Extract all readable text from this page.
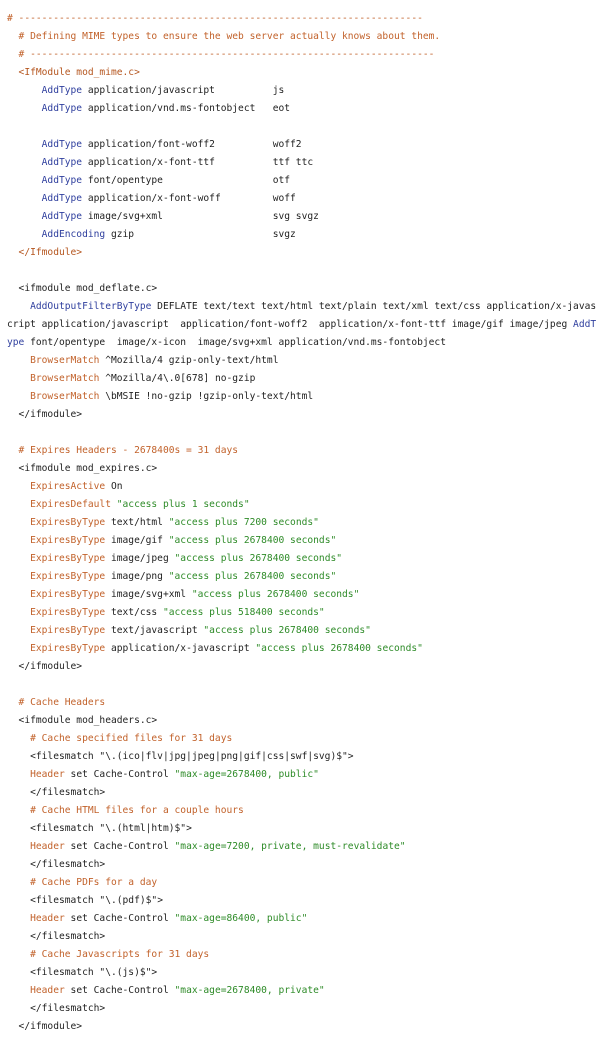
# ----------------------------------------------------------------------
# Defining MIME types to ensure the web server actually knows about them.
# ----------------------------------------------------------------------
<IfModule mod_mime.c>
AddType application/javascript          js
AddType application/vnd.ms-fontobject   eot
AddType application/font-woff2          woff2
AddType application/x-font-ttf          ttf ttc
AddType font/opentype                   otf
AddType application/x-font-woff         woff
AddType image/svg+xml                   svg svgz
AddEncoding gzip                        svgz
</Ifmodule>
<ifmodule mod_deflate.c>
AddOutputFilterByType DEFLATE text/text text/html text/plain text/xml text/css application/x-javascript application/javascript  application/font-woff2  application/x-font-ttf image/gif image/jpeg AddType font/opentype  image/x-icon  image/svg+xml application/vnd.ms-fontobject
BrowserMatch ^Mozilla/4 gzip-only-text/html
BrowserMatch ^Mozilla/4\.0[678] no-gzip
BrowserMatch \bMSIE !no-gzip !gzip-only-text/html
</ifmodule>
# Expires Headers - 2678400s = 31 days
<ifmodule mod_expires.c>
ExpiresActive On
ExpiresDefault "access plus 1 seconds"
ExpiresByType text/html "access plus 7200 seconds"
ExpiresByType image/gif "access plus 2678400 seconds"
ExpiresByType image/jpeg "access plus 2678400 seconds"
ExpiresByType image/png "access plus 2678400 seconds"
ExpiresByType image/svg+xml "access plus 2678400 seconds"
ExpiresByType text/css "access plus 518400 seconds"
ExpiresByType text/javascript "access plus 2678400 seconds"
ExpiresByType application/x-javascript "access plus 2678400 seconds"
</ifmodule>
# Cache Headers
<ifmodule mod_headers.c>
# Cache specified files for 31 days
<filesmatch "\.(ico|flv|jpg|jpeg|png|gif|css|swf|svg)$">
Header set Cache-Control "max-age=2678400, public"
</filesmatch>
# Cache HTML files for a couple hours
<filesmatch "\.(html|htm)$">
Header set Cache-Control "max-age=7200, private, must-revalidate"
</filesmatch>
# Cache PDFs for a day
<filesmatch "\.(pdf)$">
Header set Cache-Control "max-age=86400, public"
</filesmatch>
# Cache Javascripts for 31 days
<filesmatch "\.(js)$">
Header set Cache-Control "max-age=2678400, private"
</filesmatch>
</ifmodule>
